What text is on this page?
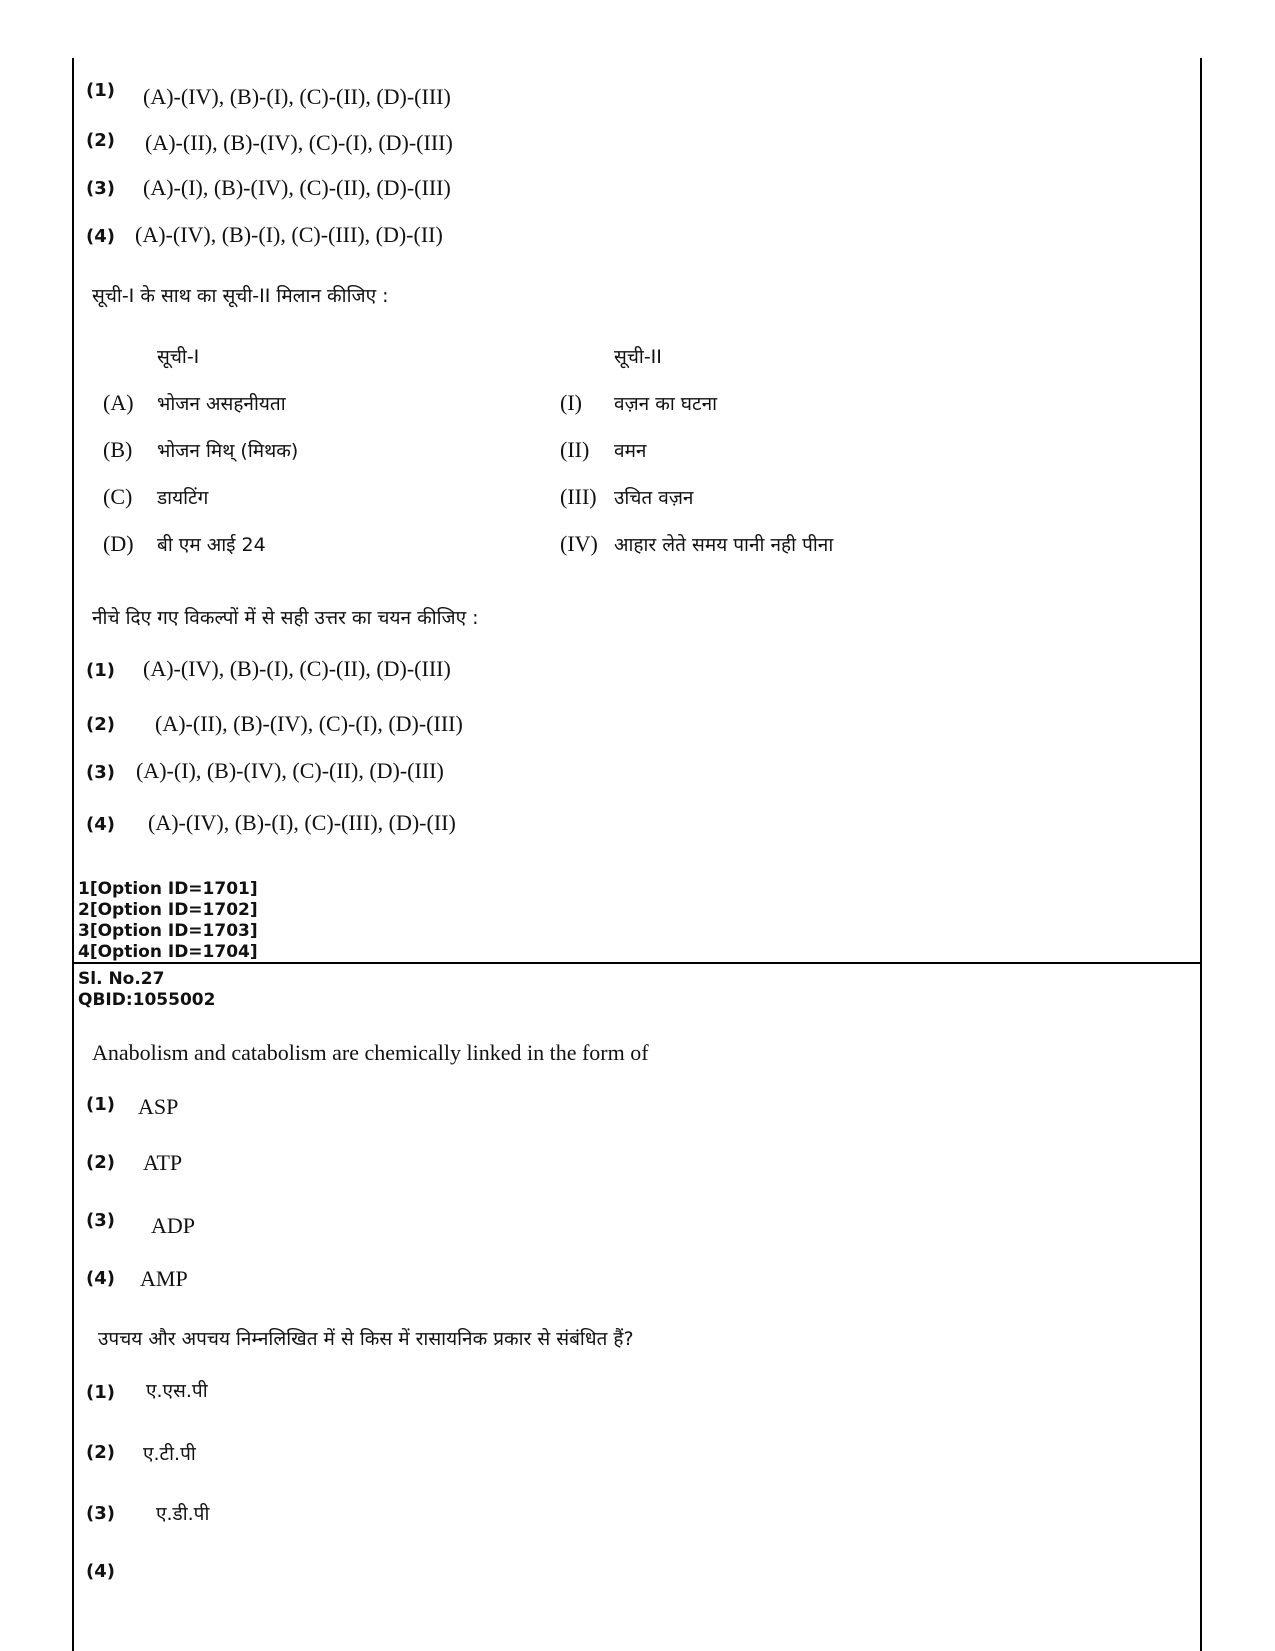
(1) (A)-(IV), (B)-(I), (C)-(II), (D)-(III)
(2) (A)-(II), (B)-(IV), (C)-(I), (D)-(III)
(3) (A)-(I), (B)-(IV), (C)-(II), (D)-(III)
(4) (A)-(IV), (B)-(I), (C)-(III), (D)-(II)
सूची-I के साथ का सूची-II मिलान कीजिए :
सूची-I	सूची-II
(A) भोजन असहनीयता
(B) भोजन मिथ् (मिथक)
(C) डायटिंग
(D) बी एम आई 24
(I) वज़न का घटना
(II) वमन
(III) उचित वज़न
(IV) आहार लेते समय पानी नही पीना
नीचे दिए गए विकल्पों में से सही उत्तर का चयन कीजिए :
(1) (A)-(IV), (B)-(I), (C)-(II), (D)-(III)
(2) (A)-(II), (B)-(IV), (C)-(I), (D)-(III)
(3) (A)-(I), (B)-(IV), (C)-(II), (D)-(III)
(4) (A)-(IV), (B)-(I), (C)-(III), (D)-(II)
1[Option ID=1701]
2[Option ID=1702]
3[Option ID=1703]
4[Option ID=1704]
Sl. No.27
QBID:1055002
Anabolism and catabolism are chemically linked in the form of
(1) ASP
(2) ATP
(3) ADP
(4) AMP
उपचय और अपचय निम्नलिखित में से किस में रासायनिक प्रकार से संबंधित हैं?
(1) ए.एस.पी
(2) ए.टी.पी
(3) ए.डी.पी
(4)
